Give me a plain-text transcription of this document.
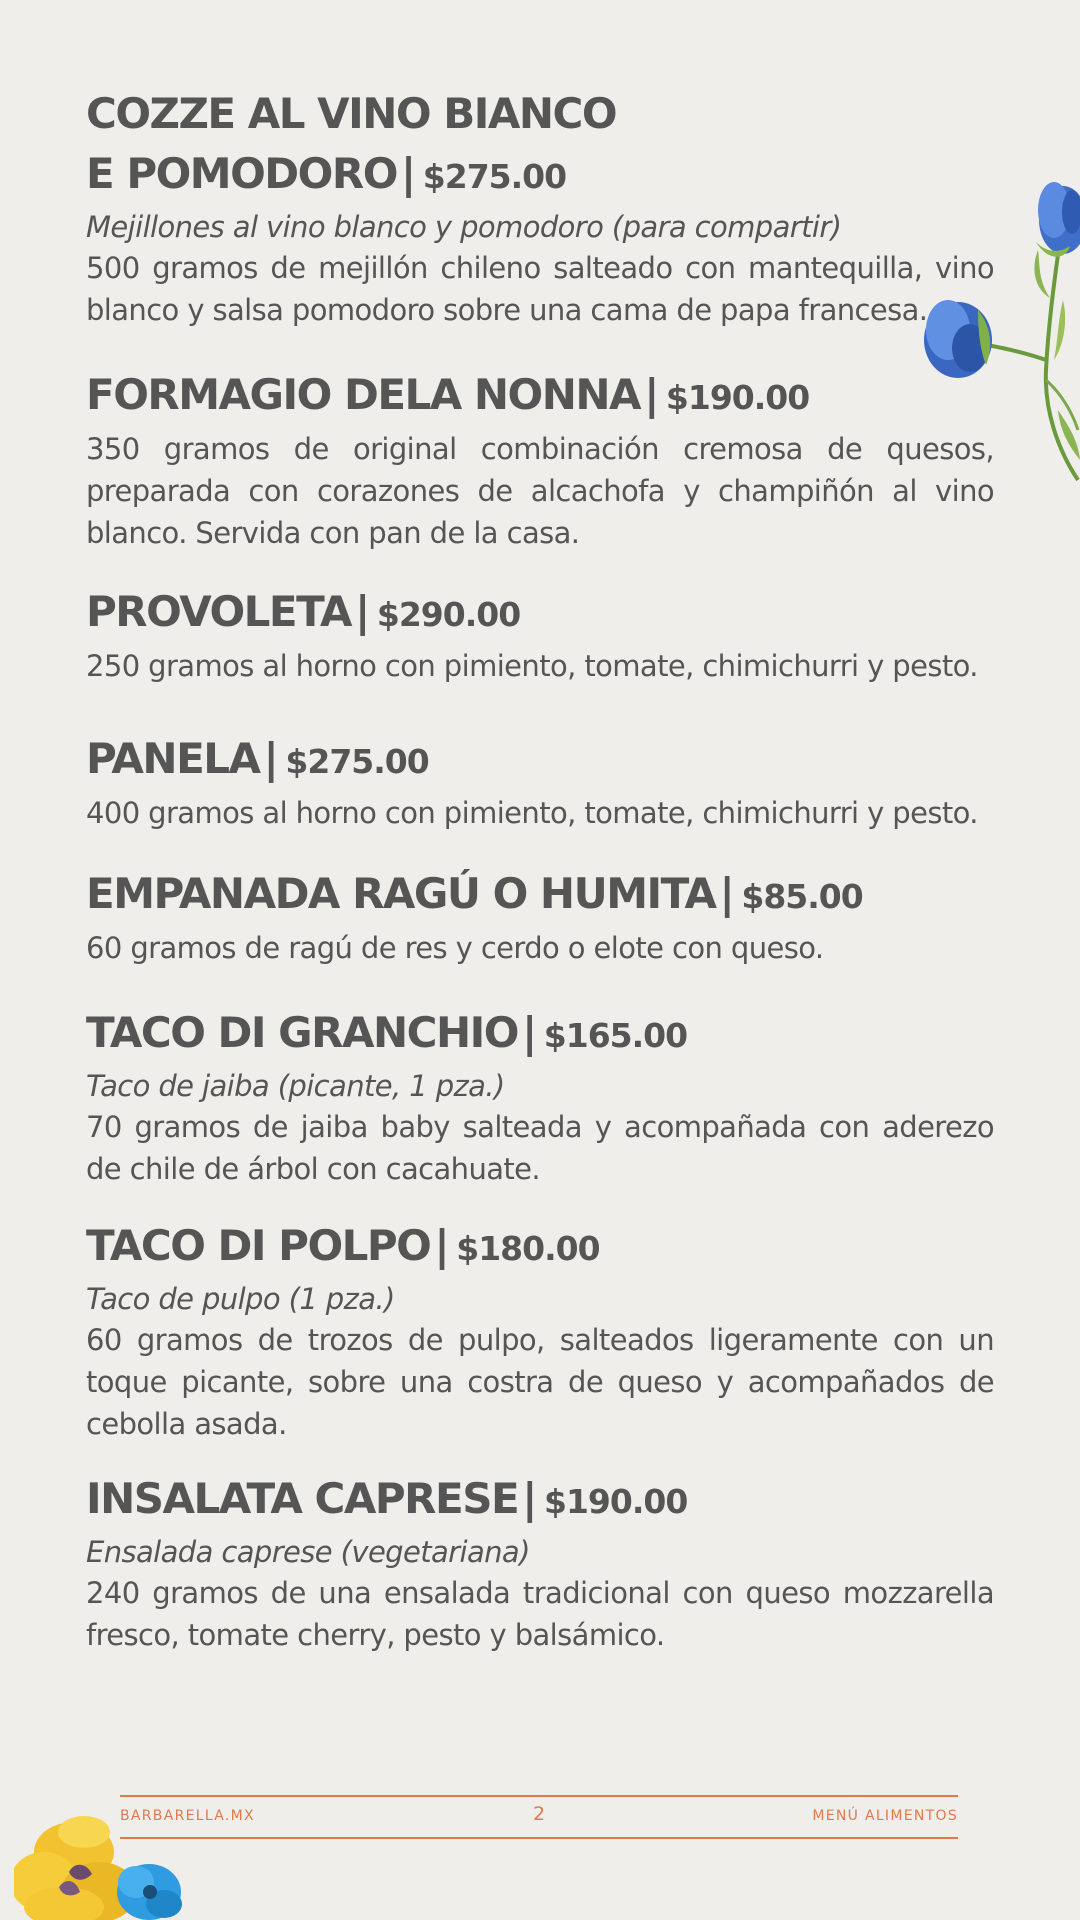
COZZE AL VINO BIANCO
E POMODORO| $275.00
Mejillones al vino blanco y pomodoro (para compartir)
500 gramos de mejillón chileno salteado con mantequilla, vino blanco y salsa pomodoro sobre una cama de papa francesa.
FORMAGIO DELA NONNA| $190.00
350 gramos de original combinación cremosa de quesos, preparada con corazones de alcachofa y champiñón al vino blanco. Servida con pan de la casa.
PROVOLETA| $290.00
250 gramos al horno con pimiento, tomate, chimichurri y pesto.
PANELA| $275.00
400 gramos al horno con pimiento, tomate, chimichurri y pesto.
EMPANADA RAGÚ O HUMITA| $85.00
60 gramos de ragú de res y cerdo o elote con queso.
TACO DI GRANCHIO| $165.00
Taco de jaiba (picante, 1 pza.)
70 gramos de jaiba baby salteada y acompañada con aderezo de chile de árbol con cacahuate.
TACO DI POLPO| $180.00
Taco de pulpo (1 pza.)
60 gramos de trozos de pulpo, salteados ligeramente con un toque picante, sobre una costra de queso y acompañados de cebolla asada.
INSALATA CAPRESE| $190.00
Ensalada caprese (vegetariana)
240 gramos de una ensalada tradicional con queso mozzarella fresco, tomate cherry, pesto y balsámico.
BARBARELLA.MX	2	MENÚ ALIMENTOS
